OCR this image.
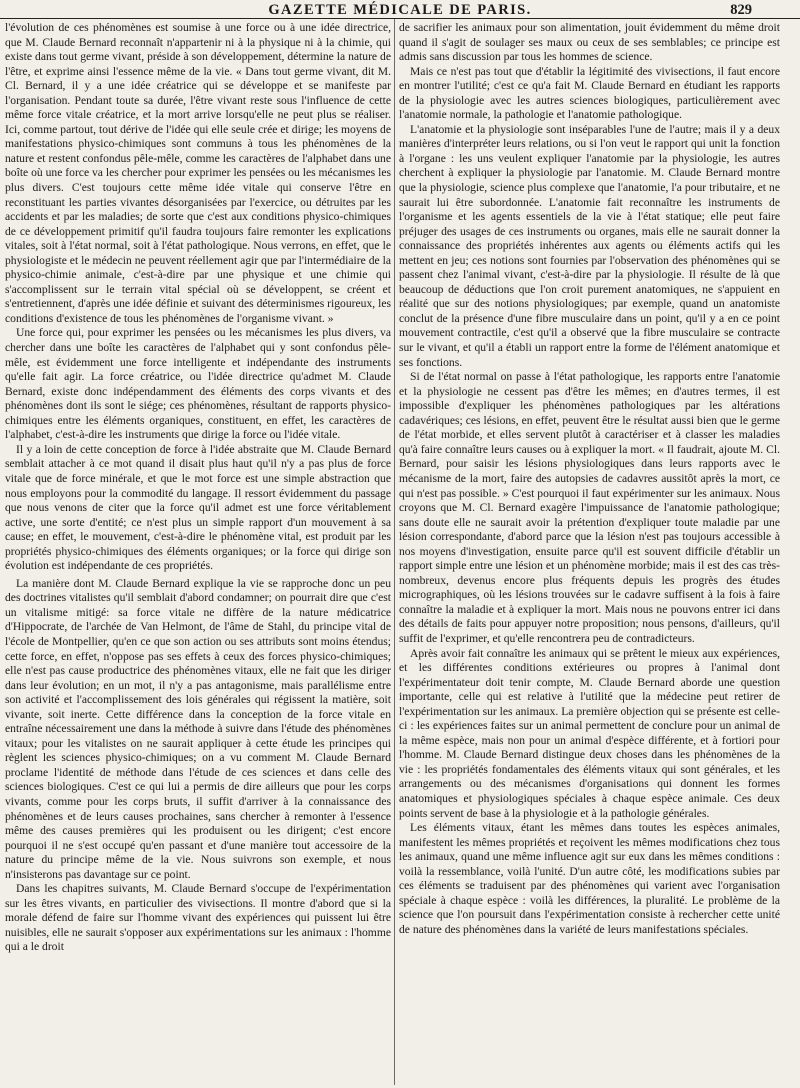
GAZETTE MÉDICALE DE PARIS.	829

l'évolution de ces phénomènes est soumise à une force ou à une idée directrice, que M. Claude Bernard reconnaît n'appartenir ni à la physique ni à la chimie, qui existe dans tout germe vivant, préside à son développement, détermine la nature de l'être, et exprime ainsi l'essence même de la vie. « Dans tout germe vivant, dit M. Cl. Bernard, il y a une idée créatrice qui se développe et se manifeste par l'organisation. Pendant toute sa durée, l'être vivant reste sous l'influence de cette même force vitale créatrice, et la mort arrive lorsqu'elle ne peut plus se réaliser. Ici, comme partout, tout dérive de l'idée qui elle seule crée et dirige; les moyens de manifestations physico-chimiques sont communs à tous les phénomènes de la nature et restent confondus pêle-mêle, comme les caractères de l'alphabet dans une boîte où une force va les chercher pour exprimer les pensées ou les mécanismes les plus divers. C'est toujours cette même idée vitale qui conserve l'être en reconstituant les parties vivantes désorganisées par l'exercice, ou détruites par les accidents et par les maladies; de sorte que c'est aux conditions physico-chimiques de ce développement primitif qu'il faudra toujours faire remonter les explications vitales, soit à l'état normal, soit à l'état pathologique. Nous verrons, en effet, que le physiologiste et le médecin ne peuvent réellement agir que par l'intermédiaire de la physico-chimie animale, c'est-à-dire par une physique et une chimie qui s'accomplissent sur le terrain vital spécial où se développent, se créent et s'entretiennent, d'après une idée définie et suivant des déterminismes rigoureux, les conditions d'existence de tous les phénomènes de l'organisme vivant. »

Une force qui, pour exprimer les pensées ou les mécanismes les plus divers, va chercher dans une boîte les caractères de l'alphabet qui y sont confondus pêle-mêle, est évidemment une force intelligente et indépendante des instruments qu'elle fait agir. La force créatrice, ou l'idée directrice qu'admet M. Claude Bernard, existe donc indépendamment des éléments des corps vivants et des phénomènes dont ils sont le siége; ces phénomènes, résultant de rapports physico-chimiques entre les éléments organiques, constituent, en effet, les caractères de l'alphabet, c'est-à-dire les instruments que dirige la force ou l'idée vitale.

Il y a loin de cette conception de force à l'idée abstraite que M. Claude Bernard semblait attacher à ce mot quand il disait plus haut qu'il n'y a pas plus de force vitale que de force minérale, et que le mot force est une simple abstraction que nous employons pour la commodité du langage. Il ressort évidemment du passage que nous venons de citer que la force qu'il admet est une force véritablement active, une sorte d'entité; ce n'est plus un simple rapport d'un mouvement à sa cause; en effet, le mouvement, c'est-à-dire le phénomène vital, est produit par les propriétés physico-chimiques des éléments organiques; or la force qui dirige son évolution est indépendante de ces propriétés.

La manière dont M. Claude Bernard explique la vie se rapproche donc un peu des doctrines vitalistes qu'il semblait d'abord condamner; on pourrait dire que c'est un vitalisme mitigé: sa force vitale ne diffère de la nature médicatrice d'Hippocrate, de l'archée de Van Helmont, de l'âme de Stahl, du principe vital de l'école de Montpellier, qu'en ce que son action ou ses attributs sont moins étendus; cette force, en effet, n'oppose pas ses effets à ceux des forces physico-chimiques; elle n'est pas cause productrice des phénomènes vitaux, elle ne fait que les diriger dans leur évolution; en un mot, il n'y a pas antagonisme, mais parallélisme entre son activité et l'accomplissement des lois générales qui régissent la matière, soit vivante, soit inerte. Cette différence dans la conception de la force vitale en entraîne nécessairement une dans la méthode à suivre dans l'étude des phénomènes vitaux; pour les vitalistes on ne saurait appliquer à cette étude les principes qui règlent les sciences physico-chimiques; on a vu comment M. Claude Bernard proclame l'identité de méthode dans l'étude de ces sciences et dans celle des sciences biologiques. C'est ce qui lui a permis de dire ailleurs que pour les corps vivants, comme pour les corps bruts, il suffit d'arriver à la connaissance des phénomènes et de leurs causes prochaines, sans chercher à remonter à l'essence même des causes premières qui les produisent ou les dirigent; c'est encore pourquoi il ne s'est occupé qu'en passant et d'une manière tout accessoire de la nature du principe même de la vie. Nous suivrons son exemple, et nous n'insisterons pas davantage sur ce point.

Dans les chapitres suivants, M. Claude Bernard s'occupe de l'expérimentation sur les êtres vivants, en particulier des vivisections. Il montre d'abord que si la morale défend de faire sur l'homme vivant des expériences qui puissent lui être nuisibles, elle ne saurait s'opposer aux expérimentations sur les animaux : l'homme qui a le droit

de sacrifier les animaux pour son alimentation, jouit évidemment du même droit quand il s'agit de soulager ses maux ou ceux de ses semblables; ce principe est admis sans discussion par tous les hommes de science.

Mais ce n'est pas tout que d'établir la légitimité des vivisections, il faut encore en montrer l'utilité; c'est ce qu'a fait M. Claude Bernard en étudiant les rapports de la physiologie avec les autres sciences biologiques, particulièrement avec l'anatomie normale, la pathologie et l'anatomie pathologique.

L'anatomie et la physiologie sont inséparables l'une de l'autre; mais il y a deux manières d'interpréter leurs relations, ou si l'on veut le rapport qui unit la fonction à l'organe : les uns veulent expliquer l'anatomie par la physiologie, les autres cherchent à expliquer la physiologie par l'anatomie. M. Claude Bernard montre que la physiologie, science plus complexe que l'anatomie, l'a pour tributaire, et ne saurait lui être subordonnée. L'anatomie fait reconnaître les instruments de l'organisme et les agents essentiels de la vie à l'état statique; elle peut faire préjuger des usages de ces instruments ou organes, mais elle ne saurait donner la connaissance des propriétés inhérentes aux agents ou éléments actifs qui les mettent en jeu; ces notions sont fournies par l'observation des phénomènes qui se passent chez l'animal vivant, c'est-à-dire par la physiologie. Il résulte de là que beaucoup de déductions que l'on croit purement anatomiques, ne s'appuient en réalité que sur des notions physiologiques; par exemple, quand un anatomiste conclut de la présence d'une fibre musculaire dans un point, qu'il y a en ce point mouvement contractile, c'est qu'il a observé que la fibre musculaire se contracte sur le vivant, et qu'il a établi un rapport entre la forme de l'élément anatomique et ses fonctions.

Si de l'état normal on passe à l'état pathologique, les rapports entre l'anatomie et la physiologie ne cessent pas d'être les mêmes; en d'autres termes, il est impossible d'expliquer les phénomènes pathologiques par les altérations cadavériques; ces lésions, en effet, peuvent être le résultat aussi bien que le germe de l'état morbide, et elles servent plutôt à caractériser et à classer les maladies qu'à faire connaître leurs causes ou à expliquer la mort. « Il faudrait, ajoute M. Cl. Bernard, pour saisir les lésions physiologiques dans leurs rapports avec le mécanisme de la mort, faire des autopsies de cadavres aussitôt après la mort, ce qui n'est pas possible. » C'est pourquoi il faut expérimenter sur les animaux. Nous croyons que M. Cl. Bernard exagère l'impuissance de l'anatomie pathologique; sans doute elle ne saurait avoir la prétention d'expliquer toute maladie par une lésion correspondante, d'abord parce que la lésion n'est pas toujours accessible à nos moyens d'investigation, ensuite parce qu'il est souvent difficile d'établir un rapport simple entre une lésion et un phénomène morbide; mais il est des cas très-nombreux, devenus encore plus fréquents depuis les progrès des études micrographiques, où les lésions trouvées sur le cadavre suffisent à la fois à faire connaître la maladie et à expliquer la mort. Mais nous ne pouvons entrer ici dans des détails de faits pour appuyer notre proposition; nous pensons, d'ailleurs, qu'il suffit de l'exprimer, et qu'elle rencontrera peu de contradicteurs.

Après avoir fait connaître les animaux qui se prêtent le mieux aux expériences, et les différentes conditions extérieures ou propres à l'animal dont l'expérimentateur doit tenir compte, M. Claude Bernard aborde une question importante, celle qui est relative à l'utilité que la médecine peut retirer de l'expérimentation sur les animaux. La première objection qui se présente est celle-ci : les expériences faites sur un animal permettent de conclure pour un animal de la même espèce, mais non pour un animal d'espèce différente, et à fortiori pour l'homme. M. Claude Bernard distingue deux choses dans les phénomènes de la vie : les propriétés fondamentales des éléments vitaux qui sont générales, et les arrangements ou des mécanismes d'organisations qui donnent les formes anatomiques et physiologiques spéciales à chaque espèce animale. Ces deux points servent de base à la physiologie et à la pathologie générales.

Les éléments vitaux, étant les mêmes dans toutes les espèces animales, manifestent les mêmes propriétés et reçoivent les mêmes modifications chez tous les animaux, quand une même influence agit sur eux dans les mêmes conditions : voilà la ressemblance, voilà l'unité. D'un autre côté, les modifications subies par ces éléments se traduisent par des phénomènes qui varient avec l'organisation spéciale à chaque espèce : voilà les différences, la pluralité. Le problème de la science que l'on poursuit dans l'expérimentation consiste à rechercher cette unité de nature des phénomènes dans la variété de leurs manifestations spéciales.
